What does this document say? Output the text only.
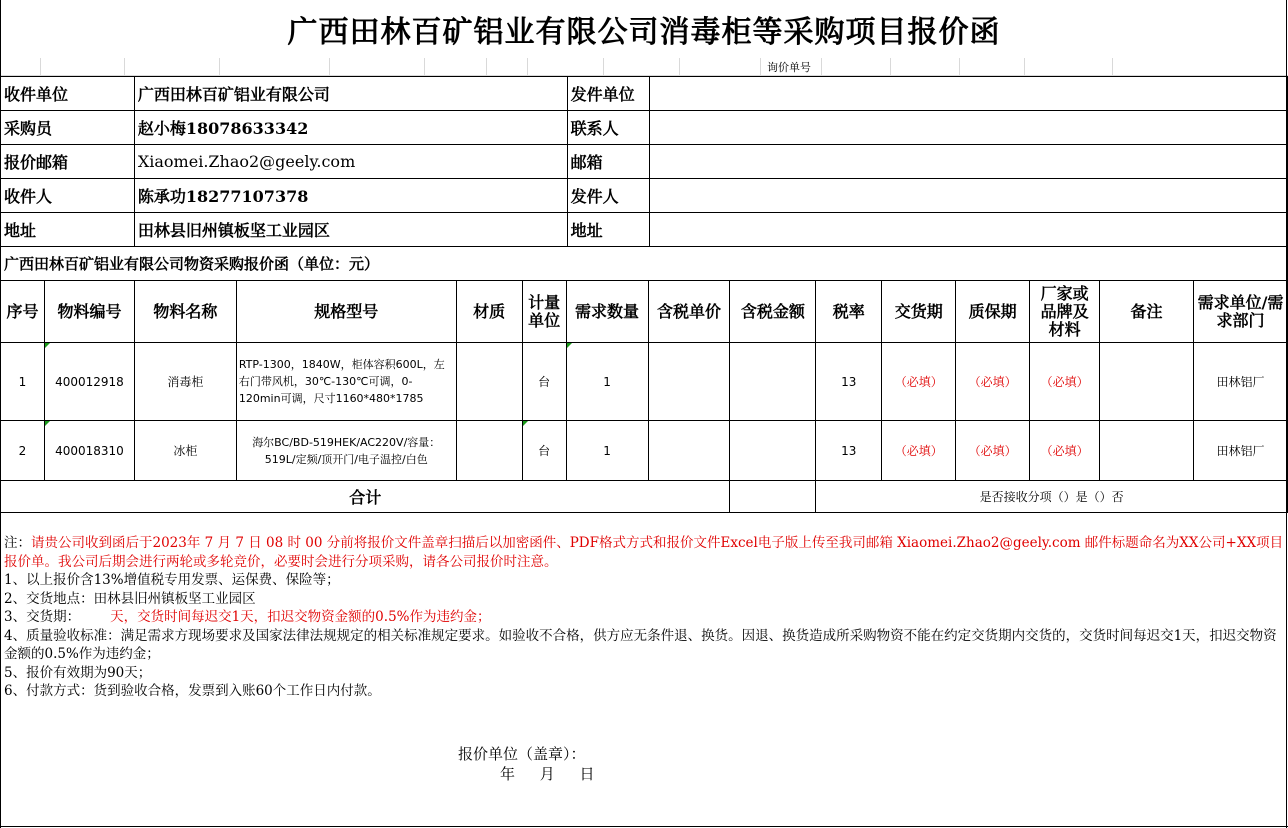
广西田林百矿铝业有限公司消毒柜等采购项目报价函
询价单号
收件单位	广西田林百矿铝业有限公司	发件单位	
采购员	赵小梅18078633342	联系人	
报价邮箱	Xiaomei.Zhao2@geely.com	邮箱	
收件人	陈承功18277107378	发件人	
地址	田林县旧州镇板坚工业园区	地址	
广西田林百矿铝业有限公司物资采购报价函（单位：元）
序号	物料编号	物料名称	规格型号	材质	计量单位	需求数量	含税单价	含税金额	税率	交货期	质保期	厂家或品牌及材料	备注	需求单位/需求部门
1	400012918	消毒柜	RTP-1300，1840W，柜体容积600L，左右门带风机，30℃-130℃可调，0-120min可调，尺寸1160*480*1785		台	1			13	（必填）	（必填）	（必填）		田林铝厂
2	400018310	冰柜	海尔BC/BD-519HEK/AC220V/容量：519L/定频/顶开门/电子温控/白色		台	1			13	（必填）	（必填）	（必填）		田林铝厂
合计									是否接收分项（）是（）否					

注：请贵公司收到函后于2023年 7 月 7 日 08 时 00 分前将报价文件盖章扫描后以加密函件、PDF格式方式和报价文件Excel电子版上传至我司邮箱 Xiaomei.Zhao2@geely.com 邮件标题命名为XX公司+XX项目报价单。我公司后期会进行两轮或多轮竞价，必要时会进行分项采购，请各公司报价时注意。

1、以上报价含13%增值税专用发票、运保费、保险等；

2、交货地点：田林县旧州镇板坚工业园区

3、交货期： 天，交货时间每迟交1天，扣迟交物资金额的0.5%作为违约金；

4、质量验收标准：满足需求方现场要求及国家法律法规规定的相关标准规定要求。如验收不合格，供方应无条件退、换货。因退、换货造成所采购物资不能在约定交货期内交货的，交货时间每迟交1天，扣迟交物资金额的0.5%作为违约金；

5、报价有效期为90天；

6、付款方式：货到验收合格，发票到入账60个工作日内付款。

报价单位（盖章）：
年 月 日
